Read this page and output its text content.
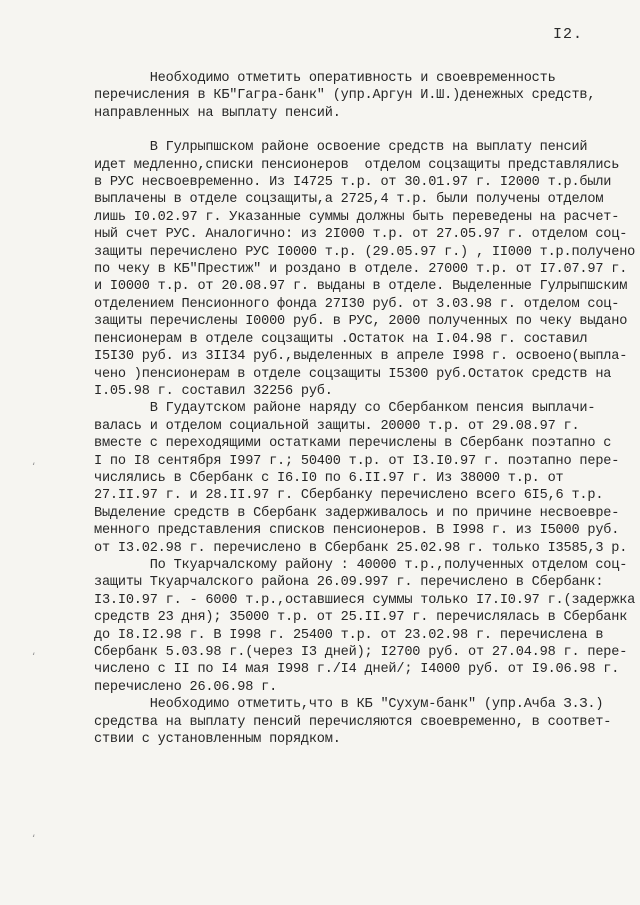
I2.
ʻ
ʻ
ʻ
Необходимо отметить оперативность и своевременность
перечисления в КБ"Гагра-банк" (упр.Аргун И.Ш.)денежных средств,
направленных на выплату пенсий.
В Гулрыпшском районе освоение средств на выплату пенсий
идет медленно,списки пенсионеров  отделом соцзащиты представлялись
в РУС несвоевременно. Из I4725 т.р. от 30.01.97 г. I2000 т.р.были
выплачены в отделе соцзащиты,а 2725,4 т.р. были получены отделом
лишь I0.02.97 г. Указанные суммы должны быть переведены на расчет-
ный счет РУС. Аналогично: из 2I000 т.р. от 27.05.97 г. отделом соц-
защиты перечислено РУС I0000 т.р. (29.05.97 г.) , II000 т.р.получено
по чеку в КБ"Престиж" и роздано в отделе. 27000 т.р. от I7.07.97 г.
и I0000 т.р. от 20.08.97 г. выданы в отделе. Выделенные Гулрыпшским
отделением Пенсионного фонда 27I30 руб. от 3.03.98 г. отделом соц-
защиты перечислены I0000 руб. в РУС, 2000 полученных по чеку выдано
пенсионерам в отделе соцзащиты .Остаток на I.04.98 г. составил
I5I30 руб. из 3II34 руб.,выделенных в апреле I998 г. освоено(выпла-
чено )пенсионерам в отделе соцзащиты I5300 руб.Остаток средств на
I.05.98 г. составил 32256 руб.
В Гудаутском районе наряду со Сбербанком пенсия выплачи-
валась и отделом социальной защиты. 20000 т.р. от 29.08.97 г.
вместе с переходящими остатками перечислены в Сбербанк поэтапно с
I по I8 сентября I997 г.; 50400 т.р. от I3.I0.97 г. поэтапно пере-
числялись в Сбербанк с I6.I0 по 6.II.97 г. Из 38000 т.р. от
27.II.97 г. и 28.II.97 г. Сбербанку перечислено всего 6I5,6 т.р.
Выделение средств в Сбербанк задерживалось и по причине несвоевре-
менного представления списков пенсионеров. В I998 г. из I5000 руб.
от I3.02.98 г. перечислено в Сбербанк 25.02.98 г. только I3585,3 р.
По Ткуарчалскому району : 40000 т.р.,полученных отделом соц-
защиты Ткуарчалского района 26.09.997 г. перечислено в Сбербанк:
I3.I0.97 г. - 6000 т.р.,оставшиеся суммы только I7.I0.97 г.(задержка
средств 23 дня); 35000 т.р. от 25.II.97 г. перечислялась в Сбербанк
до I8.I2.98 г. В I998 г. 25400 т.р. от 23.02.98 г. перечислена в
Сбербанк 5.03.98 г.(через I3 дней); I2700 руб. от 27.04.98 г. пере-
числено с II по I4 мая I998 г./I4 дней/; I4000 руб. от I9.06.98 г.
перечислено 26.06.98 г.
Необходимо отметить,что в КБ "Сухум-банк" (упр.Ачба З.З.)
средства на выплату пенсий перечисляются своевременно, в соответ-
ствии с установленным порядком.
